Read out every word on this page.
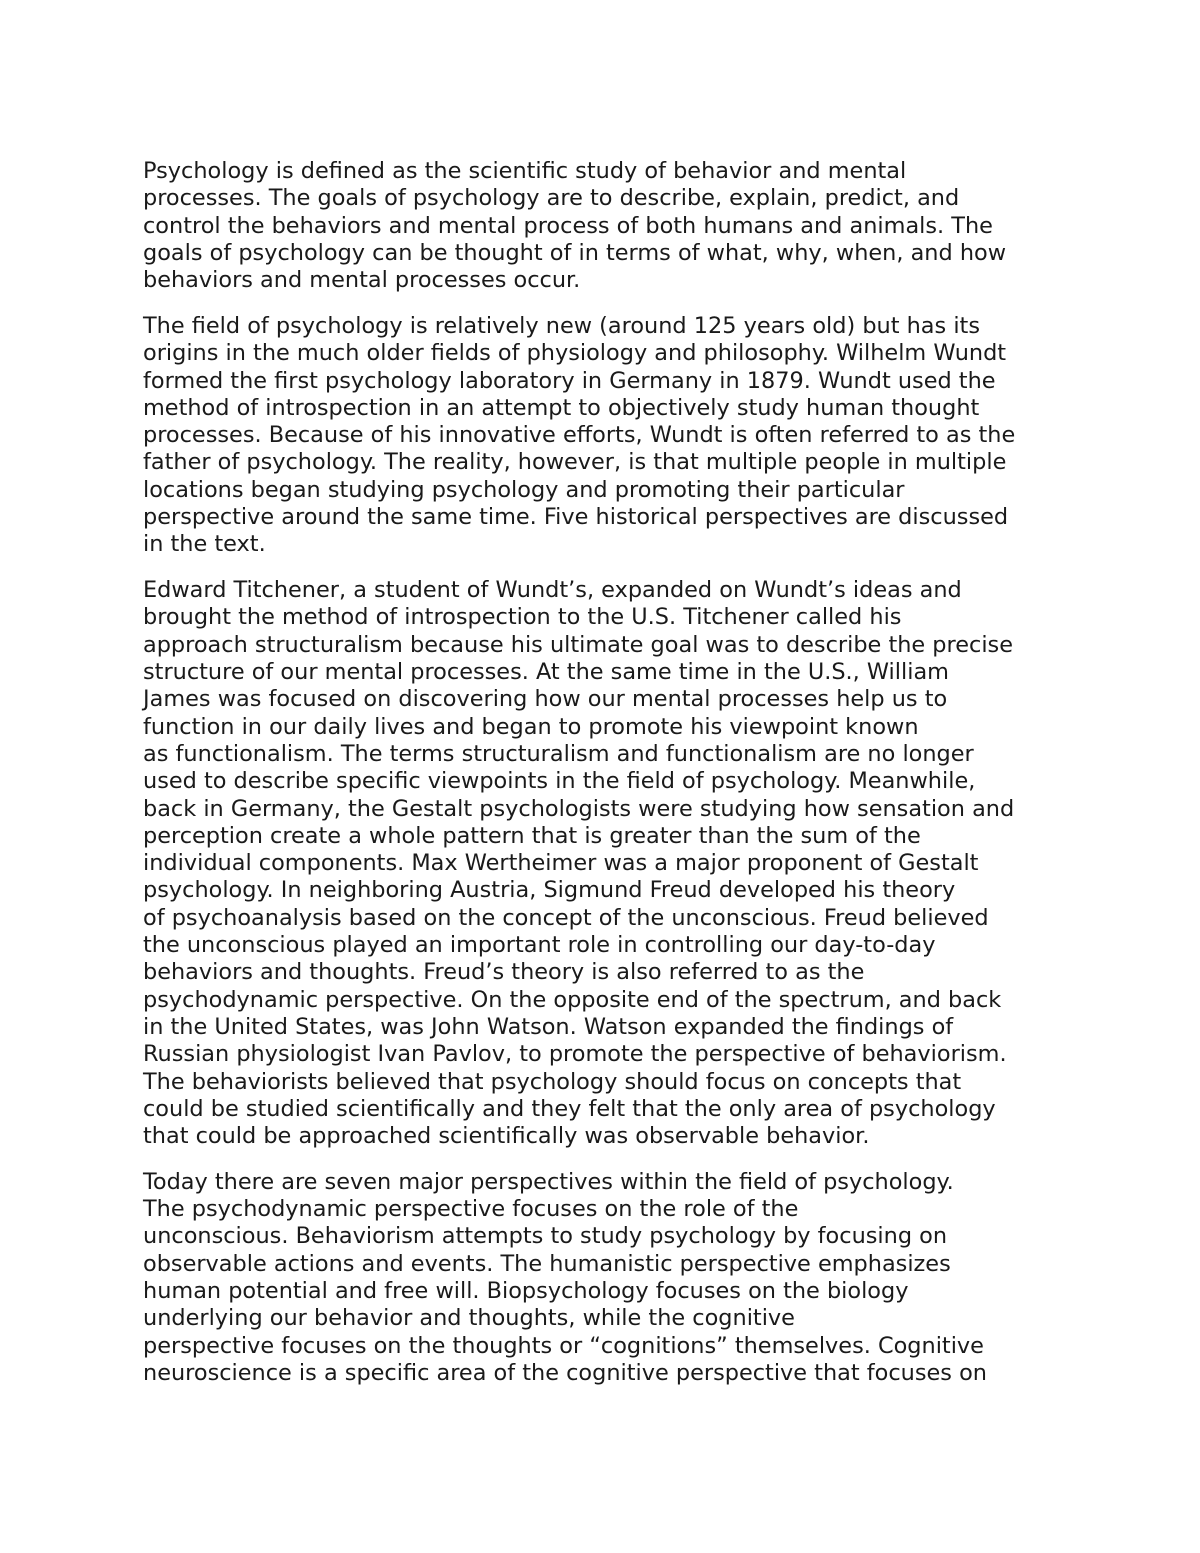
Psychology is defined as the scientific study of behavior and mental
processes. The goals of psychology are to describe, explain, predict, and
control the behaviors and mental process of both humans and animals. The
goals of psychology can be thought of in terms of what, why, when, and how
behaviors and mental processes occur.

The field of psychology is relatively new (around 125 years old) but has its
origins in the much older fields of physiology and philosophy. Wilhelm Wundt
formed the first psychology laboratory in Germany in 1879. Wundt used the
method of introspection in an attempt to objectively study human thought
processes. Because of his innovative efforts, Wundt is often referred to as the
father of psychology. The reality, however, is that multiple people in multiple
locations began studying psychology and promoting their particular
perspective around the same time. Five historical perspectives are discussed
in the text.

Edward Titchener, a student of Wundt’s, expanded on Wundt’s ideas and
brought the method of introspection to the U.S. Titchener called his
approach structuralism because his ultimate goal was to describe the precise
structure of our mental processes. At the same time in the U.S., William
James was focused on discovering how our mental processes help us to
function in our daily lives and began to promote his viewpoint known
as functionalism. The terms structuralism and functionalism are no longer
used to describe specific viewpoints in the field of psychology. Meanwhile,
back in Germany, the Gestalt psychologists were studying how sensation and
perception create a whole pattern that is greater than the sum of the
individual components. Max Wertheimer was a major proponent of Gestalt
psychology. In neighboring Austria, Sigmund Freud developed his theory
of psychoanalysis based on the concept of the unconscious. Freud believed
the unconscious played an important role in controlling our day-to-day
behaviors and thoughts. Freud’s theory is also referred to as the
psychodynamic perspective. On the opposite end of the spectrum, and back
in the United States, was John Watson. Watson expanded the findings of
Russian physiologist Ivan Pavlov, to promote the perspective of behaviorism.
The behaviorists believed that psychology should focus on concepts that
could be studied scientifically and they felt that the only area of psychology
that could be approached scientifically was observable behavior.

Today there are seven major perspectives within the field of psychology.
The psychodynamic perspective focuses on the role of the
unconscious. Behaviorism attempts to study psychology by focusing on
observable actions and events. The humanistic perspective emphasizes
human potential and free will. Biopsychology focuses on the biology
underlying our behavior and thoughts, while the cognitive
perspective focuses on the thoughts or “cognitions” themselves. Cognitive
neuroscience is a specific area of the cognitive perspective that focuses on
